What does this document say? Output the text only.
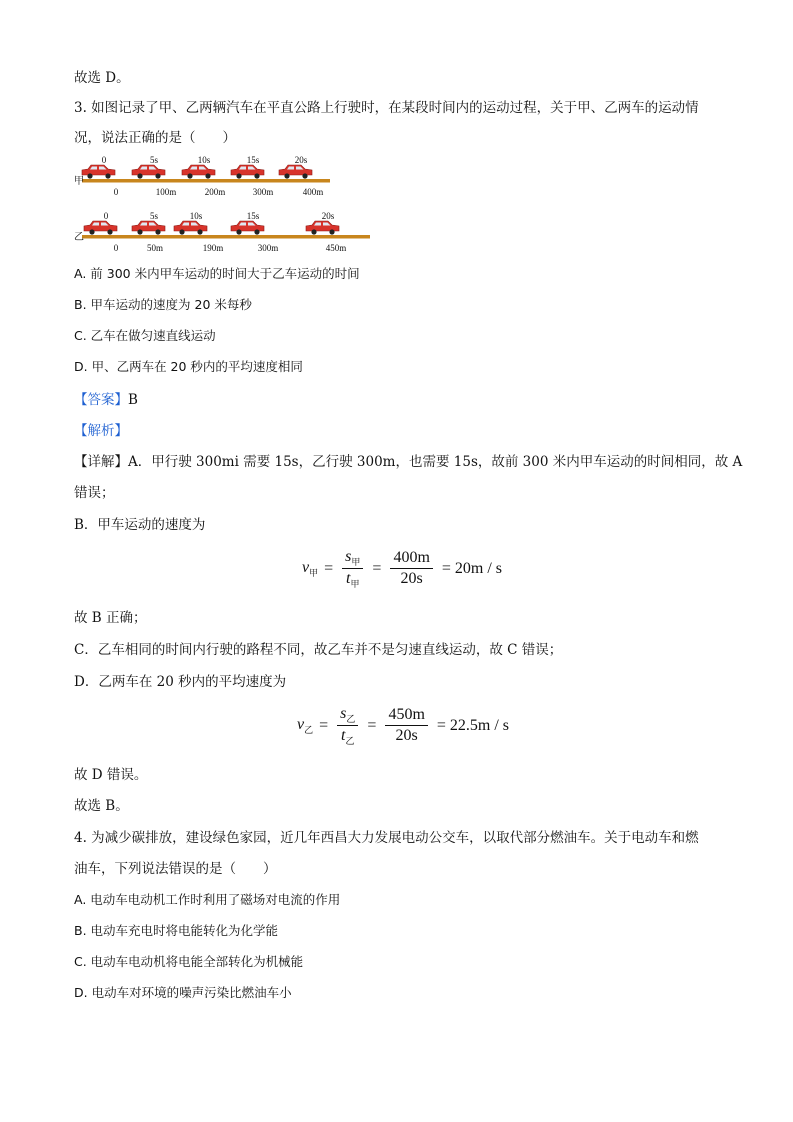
故选 D。
3. 如图记录了甲、乙两辆汽车在平直公路上行驶时，在某段时间内的运动过程，关于甲、乙两车的运动情
况，说法正确的是（　　）
甲
0
0
5s
100m
10s
200m
15s
300m
20s
400m
乙
0
0
5s
50m
10s
190m
15s
300m
20s
450m
A. 前 300 米内甲车运动的时间大于乙车运动的时间
B. 甲车运动的速度为 20 米每秒
C. 乙车在做匀速直线运动
D. 甲、乙两车在 20 秒内的平均速度相同
【答案】B
【解析】
【详解】A．甲行驶 300mi 需要 15s，乙行驶 300m，也需要 15s，故前 300 米内甲车运动的时间相同，故 A
错误；
B．甲车运动的速度为
$v_甲 = \frac{s_甲}{t_甲} = \frac{400m}{20s} = 20m / s$
故 B 正确；
C．乙车相同的时间内行驶的路程不同，故乙车并不是匀速直线运动，故 C 错误；
D．乙两车在 20 秒内的平均速度为
$v_乙 = \frac{s_乙}{t_乙} = \frac{450m}{20s} = 22.5m / s$
故 D 错误。
故选 B。
4. 为减少碳排放，建设绿色家园，近几年西昌大力发展电动公交车，以取代部分燃油车。关于电动车和燃
油车，下列说法错误的是（　　）
A. 电动车电动机工作时利用了磁场对电流的作用
B. 电动车充电时将电能转化为化学能
C. 电动车电动机将电能全部转化为机械能
D. 电动车对环境的噪声污染比燃油车小
